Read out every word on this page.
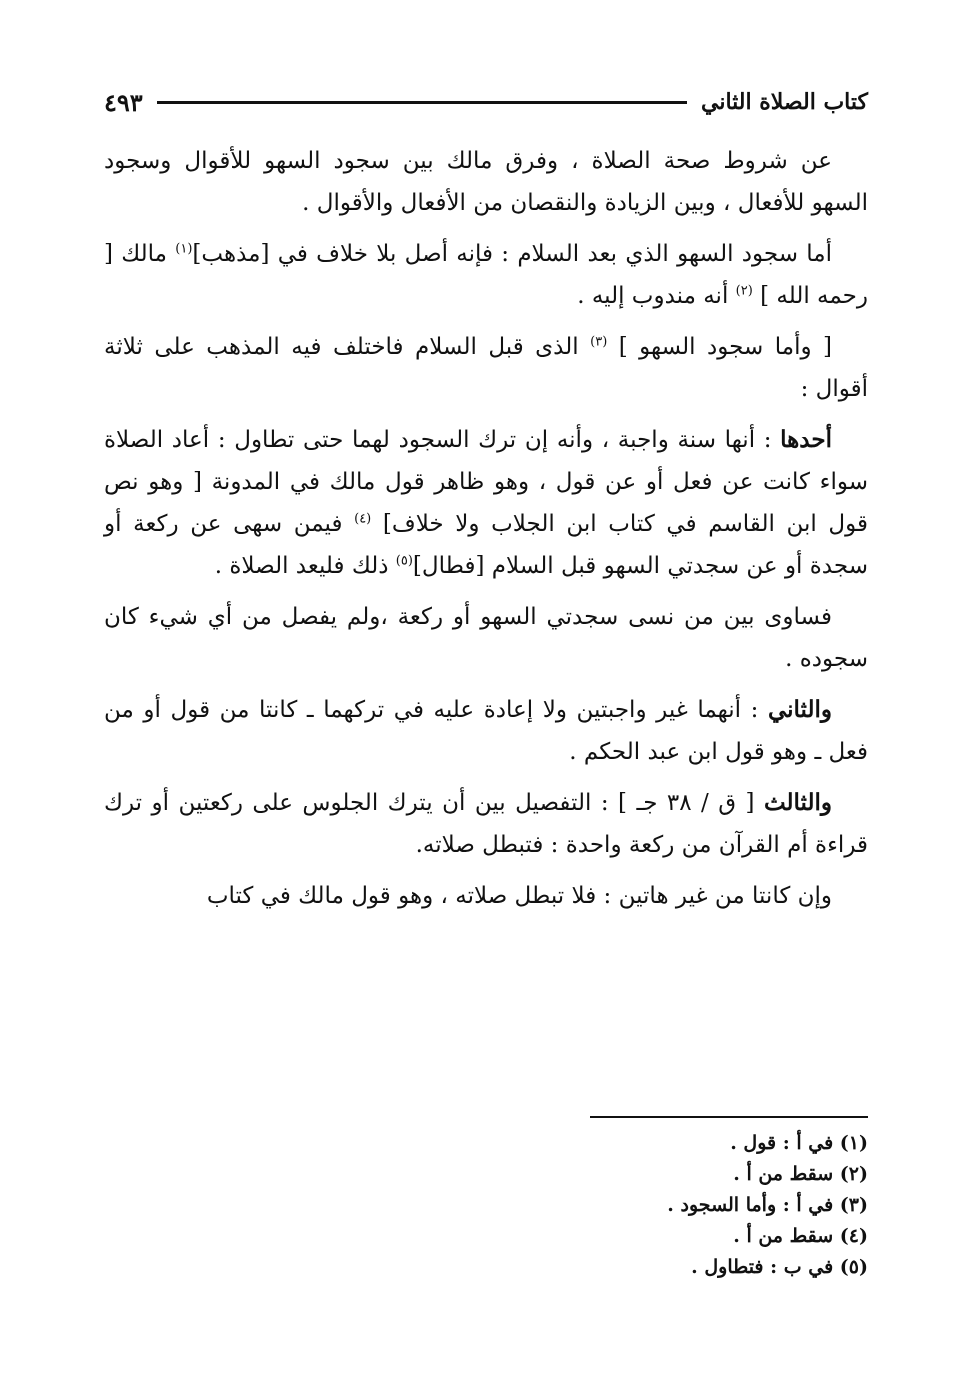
كتاب الصلاة الثاني
٤٩٣

عن شروط صحة الصلاة ، وفرق مالك بين سجود السهو للأقوال وسجود السهو للأفعال ، وبين الزيادة والنقصان من الأفعال والأقوال .

أما سجود السهو الذي بعد السلام : فإنه أصل بلا خلاف في [مذهب]$^{(١)}$ مالك [ رحمه الله ] $^{(٢)}$ أنه مندوب إليه .

[ وأما سجود السهو ] $^{(٣)}$ الذى قبل السلام فاختلف فيه المذهب على ثلاثة أقوال :

أحدها : أنها سنة واجبة ، وأنه إن ترك السجود لهما حتى تطاول : أعاد الصلاة سواء كانت عن فعل أو عن قول ، وهو ظاهر قول مالك في المدونة [ وهو نص قول ابن القاسم في كتاب ابن الجلاب ولا خلاف] $^{(٤)}$ فيمن سهى عن ركعة أو سجدة أو عن سجدتي السهو قبل السلام [فطال]$^{(٥)}$ ذلك فليعد الصلاة .

فساوى بين من نسى سجدتي السهو أو ركعة ،ولم يفصل من أي شيء كان سجوده .

والثاني : أنهما غير واجبتين ولا إعادة عليه في تركهما ـ كانتا من قول أو من فعل ـ وهو قول ابن عبد الحكم .

والثالث [ ق / ٣٨ جـ ] : التفصيل بين أن يترك الجلوس على ركعتين أو ترك قراءة أم القرآن من ركعة واحدة : فتبطل صلاته.

وإن كانتا من غير هاتين : فلا تبطل صلاته ، وهو قول مالك في كتاب

(١) في أ : قول .
(٢) سقط من أ .
(٣) في أ : وأما السجود .
(٤) سقط من أ .
(٥) في ب : فتطاول .
